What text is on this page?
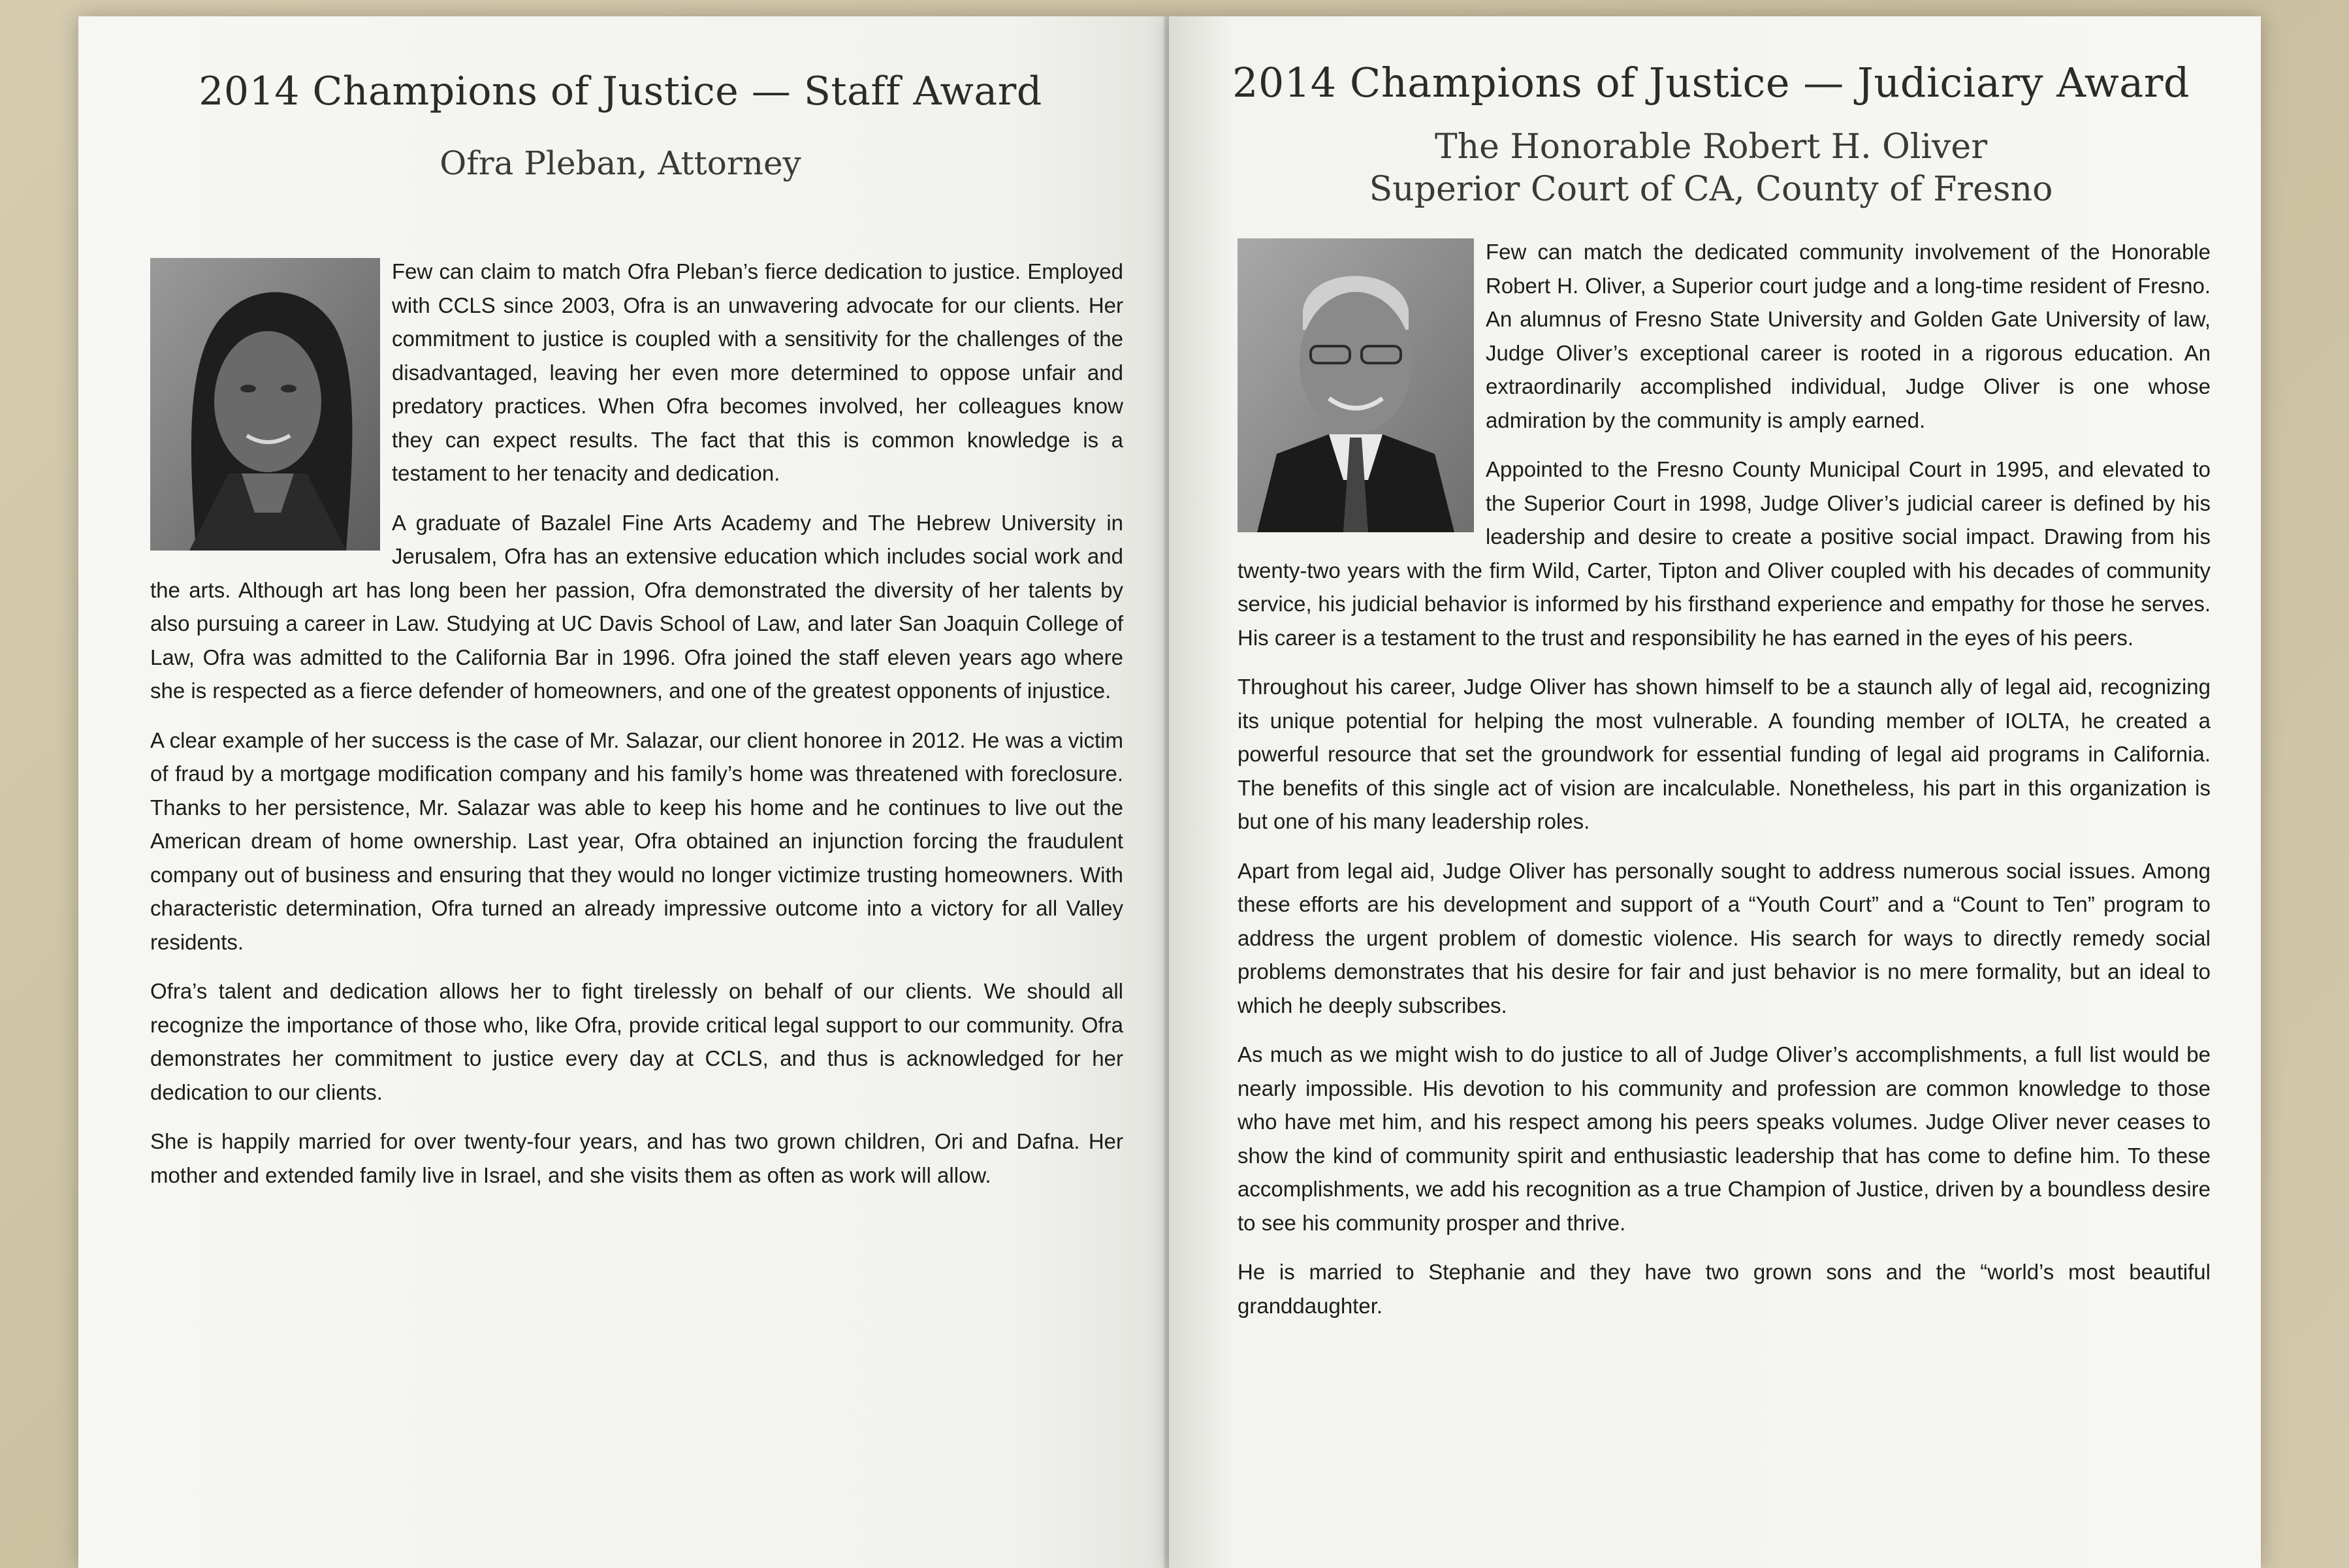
2014 Champions of Justice — Staff Award
Ofra Pleban, Attorney

Few can claim to match Ofra Pleban’s fierce dedication to justice. Employed with CCLS since 2003, Ofra is an unwavering advocate for our clients. Her commitment to justice is coupled with a sensitivity for the challenges of the disadvantaged, leaving her even more determined to oppose unfair and predatory practices. When Ofra becomes involved, her colleagues know they can expect results. The fact that this is common knowledge is a testament to her tenacity and dedication.

A graduate of Bazalel Fine Arts Academy and The Hebrew University in Jerusalem, Ofra has an extensive education which includes social work and the arts. Although art has long been her passion, Ofra demonstrated the diversity of her talents by also pursuing a career in Law. Studying at UC Davis School of Law, and later San Joaquin College of Law, Ofra was admitted to the California Bar in 1996. Ofra joined the staff eleven years ago where she is respected as a fierce defender of homeowners, and one of the greatest opponents of injustice.

A clear example of her success is the case of Mr. Salazar, our client honoree in 2012. He was a victim of fraud by a mortgage modification company and his family’s home was threatened with foreclosure. Thanks to her persistence, Mr. Salazar was able to keep his home and he continues to live out the American dream of home ownership. Last year, Ofra obtained an injunction forcing the fraudulent company out of business and ensuring that they would no longer victimize trusting homeowners. With characteristic determination, Ofra turned an already impressive outcome into a victory for all Valley residents.

Ofra’s talent and dedication allows her to fight tirelessly on behalf of our clients. We should all recognize the importance of those who, like Ofra, provide critical legal support to our community. Ofra demonstrates her commitment to justice every day at CCLS, and thus is acknowledged for her dedication to our clients.

She is happily married for over twenty-four years, and has two grown children, Ori and Dafna. Her mother and extended family live in Israel, and she visits them as often as work will allow.

2014 Champions of Justice — Judiciary Award
The Honorable Robert H. Oliver
Superior Court of CA, County of Fresno

Few can match the dedicated community involvement of the Honorable Robert H. Oliver, a Superior court judge and a long-time resident of Fresno. An alumnus of Fresno State University and Golden Gate University of law, Judge Oliver’s exceptional career is rooted in a rigorous education. An extraordinarily accomplished individual, Judge Oliver is one whose admiration by the community is amply earned.

Appointed to the Fresno County Municipal Court in 1995, and elevated to the Superior Court in 1998, Judge Oliver’s judicial career is defined by his leadership and desire to create a positive social impact. Drawing from his twenty-two years with the firm Wild, Carter, Tipton and Oliver coupled with his decades of community service, his judicial behavior is informed by his firsthand experience and empathy for those he serves. His career is a testament to the trust and responsibility he has earned in the eyes of his peers.

Throughout his career, Judge Oliver has shown himself to be a staunch ally of legal aid, recognizing its unique potential for helping the most vulnerable. A founding member of IOLTA, he created a powerful resource that set the groundwork for essential funding of legal aid programs in California. The benefits of this single act of vision are incalculable. Nonetheless, his part in this organization is but one of his many leadership roles.

Apart from legal aid, Judge Oliver has personally sought to address numerous social issues. Among these efforts are his development and support of a “Youth Court” and a “Count to Ten” program to address the urgent problem of domestic violence. His search for ways to directly remedy social problems demonstrates that his desire for fair and just behavior is no mere formality, but an ideal to which he deeply subscribes.

As much as we might wish to do justice to all of Judge Oliver’s accomplishments, a full list would be nearly impossible. His devotion to his community and profession are common knowledge to those who have met him, and his respect among his peers speaks volumes. Judge Oliver never ceases to show the kind of community spirit and enthusiastic leadership that has come to define him. To these accomplishments, we add his recognition as a true Champion of Justice, driven by a boundless desire to see his community prosper and thrive.

He is married to Stephanie and they have two grown sons and the “world’s most beautiful granddaughter.
